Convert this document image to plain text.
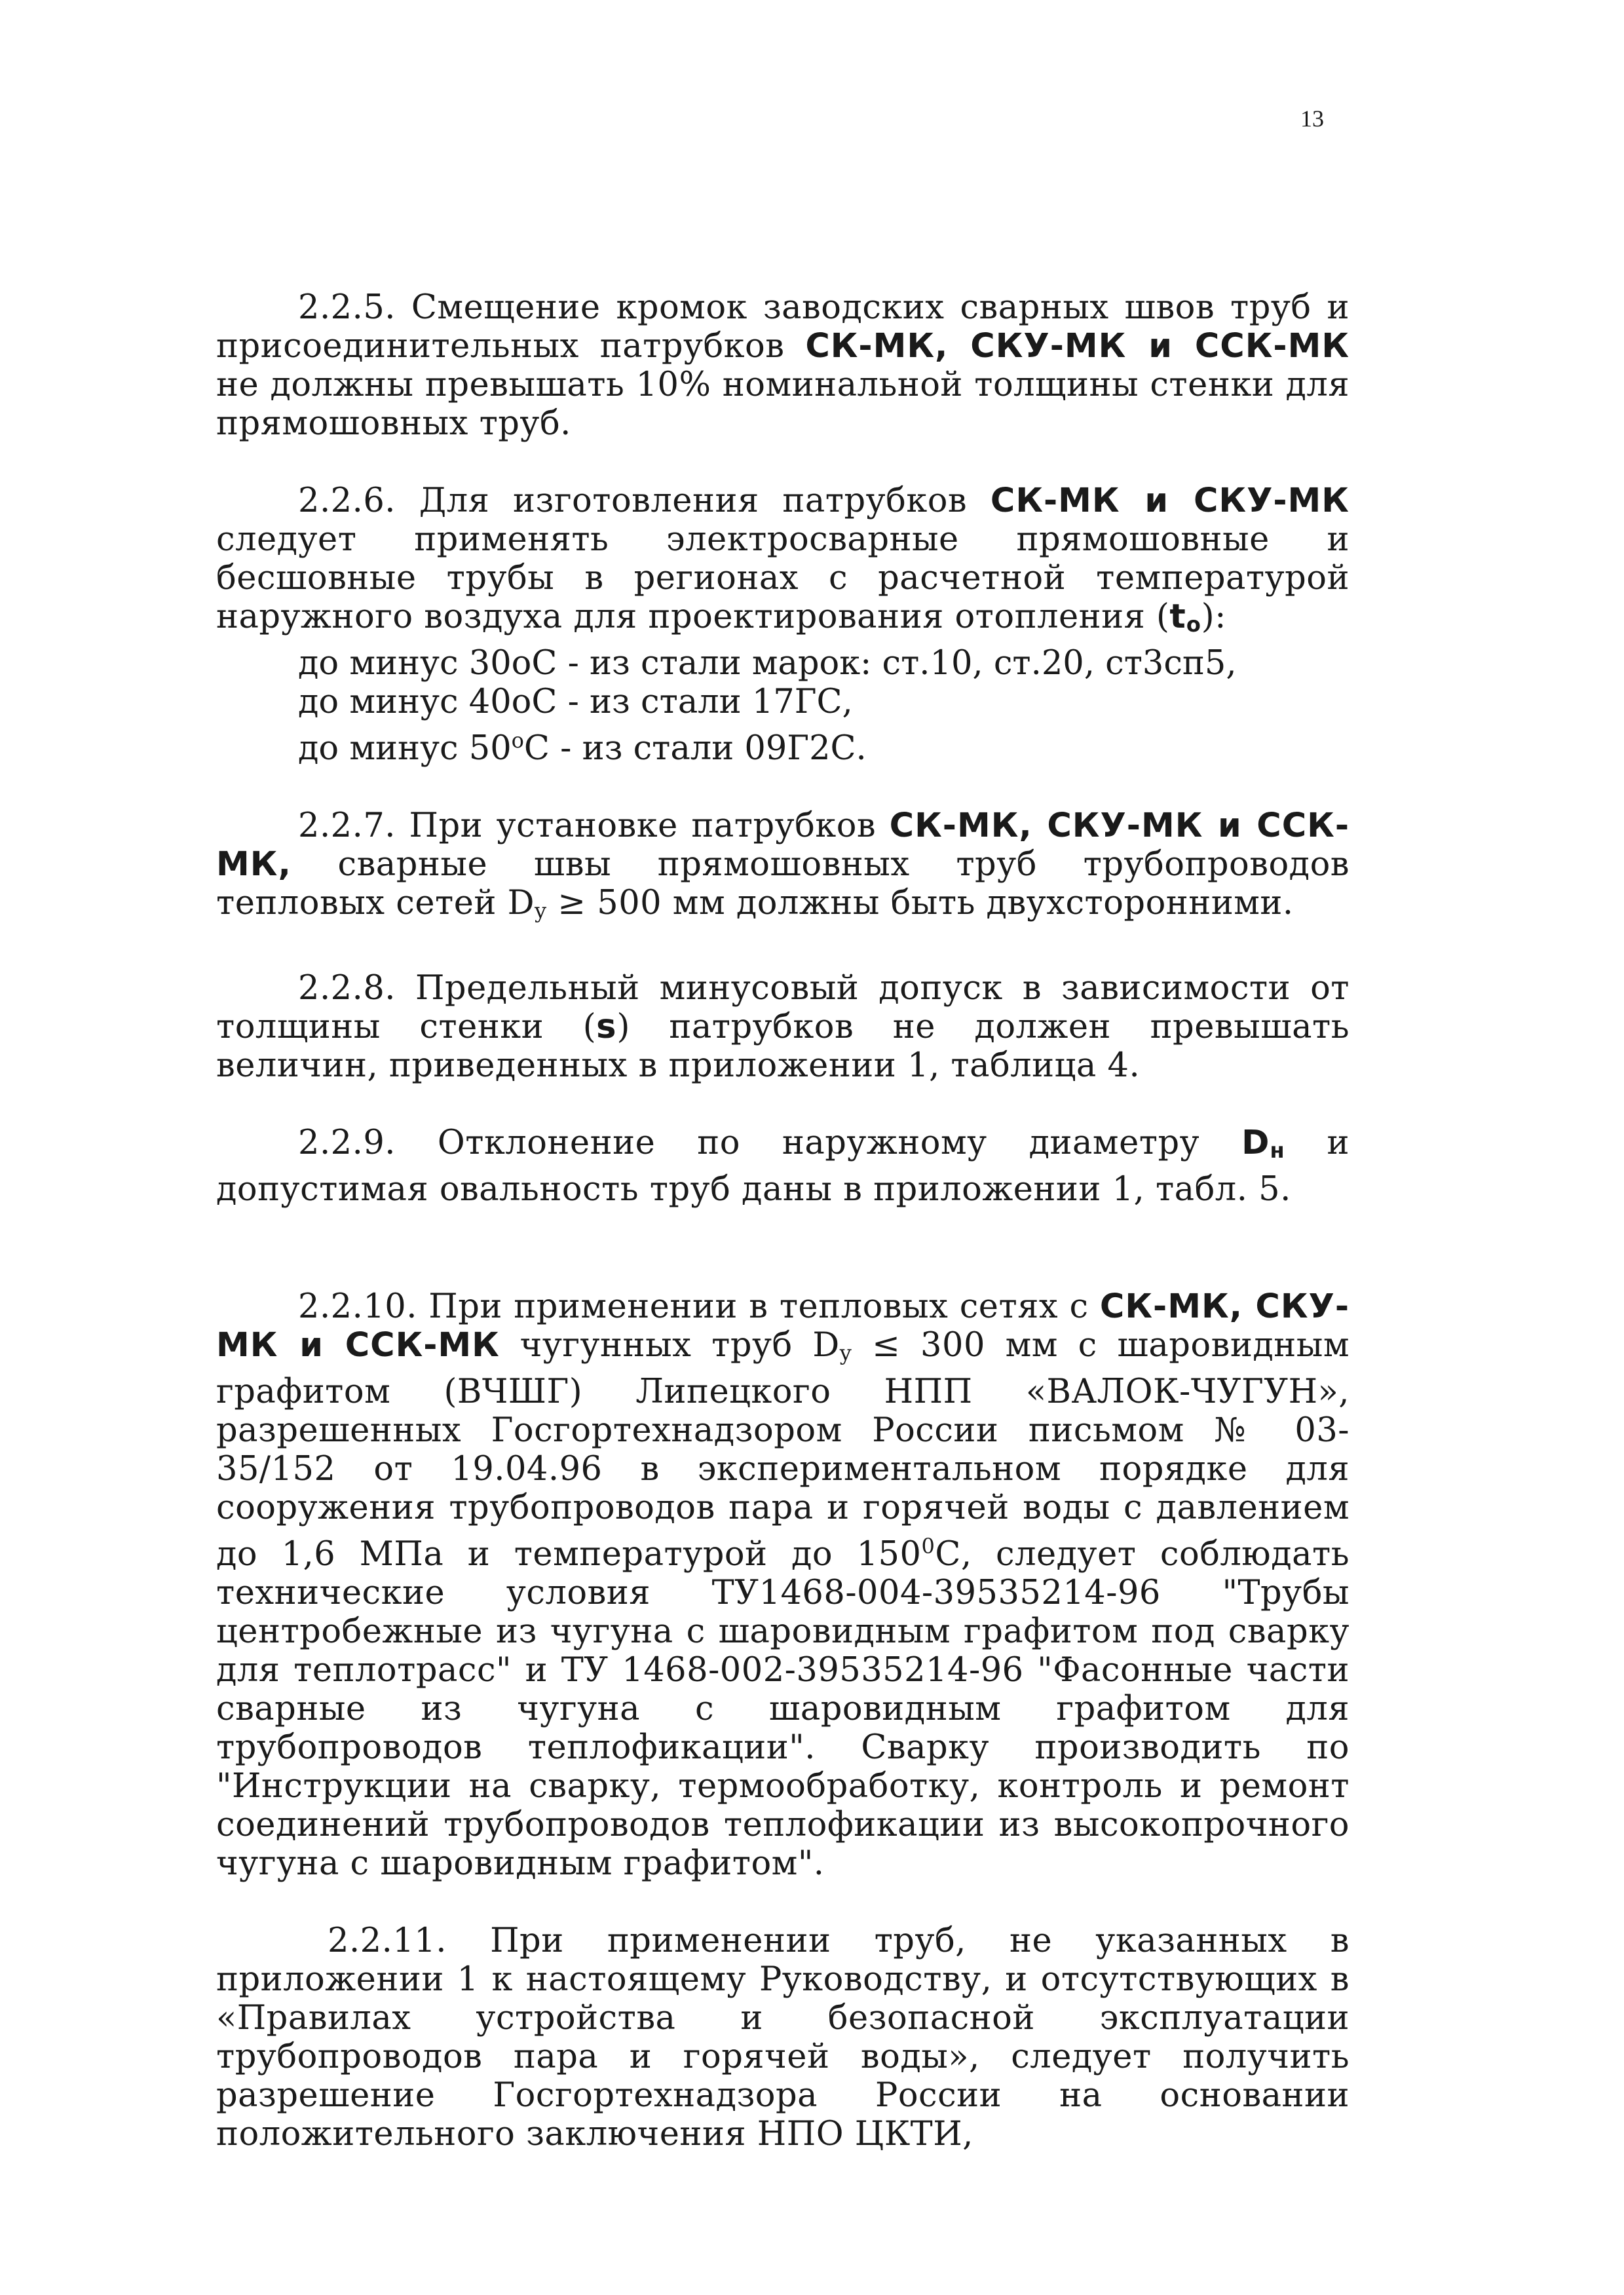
13

2.2.5. Смещение кромок заводских сварных швов труб и присоединительных патрубков СК-МК, СКУ-МК и ССК-МК не должны превышать 10% номинальной толщины стенки для прямошовных труб.

2.2.6. Для изготовления патрубков СК-МК и СКУ-МК следует применять электросварные прямошовные и бесшовные трубы в регионах с расчетной температурой наружного воздуха для проектирования отопления (to):

до минус 30оС - из стали марок: ст.10, ст.20, ст3сп5,
до минус 40оС - из стали 17ГС,
до минус 50$^o$С - из стали 09Г2С.

2.2.7. При установке патрубков СК-МК, СКУ-МК и ССК-МК, сварные швы прямошовных труб трубопроводов тепловых сетей Dy ≥ 500 мм должны быть двухсторонними.

2.2.8. Предельный минусовый допуск в зависимости от толщины стенки (s) патрубков не должен превышать величин, приведенных в приложении 1, таблица 4.

2.2.9. Отклонение по наружному диаметру Dн и допустимая овальность труб даны в приложении 1, табл. 5.

2.2.10. При применении в тепловых сетях с СК-МК, СКУ-МК и ССК-МК чугунных труб Dy ≤ 300 мм с шаровидным графитом (ВЧШГ) Липецкого НПП «ВАЛОК-ЧУГУН», разрешенных Госгортехнадзором России письмом № 03-35/152 от 19.04.96 в экспериментальном порядке для сооружения трубопроводов пара и горячей воды с давлением до 1,6 МПа и температурой до $150^0С$, следует соблюдать технические условия ТУ1468-004-39535214-96 "Трубы центробежные из чугуна с шаровидным графитом под сварку для теплотрасс" и ТУ 1468-002-39535214-96 "Фасонные части сварные из чугуна с шаровидным графитом для трубопроводов теплофикации". Сварку производить по "Инструкции на сварку, термообработку, контроль и ремонт соединений трубопроводов теплофикации из высокопрочного чугуна с шаровидным графитом".

2.2.11. При применении труб, не указанных в приложении 1 к настоящему Руководству, и отсутствующих в «Правилах устройства и безопасной эксплуатации трубопроводов пара и горячей воды», следует получить разрешение Госгортехнадзора России на основании положительного заключения НПО ЦКТИ,
